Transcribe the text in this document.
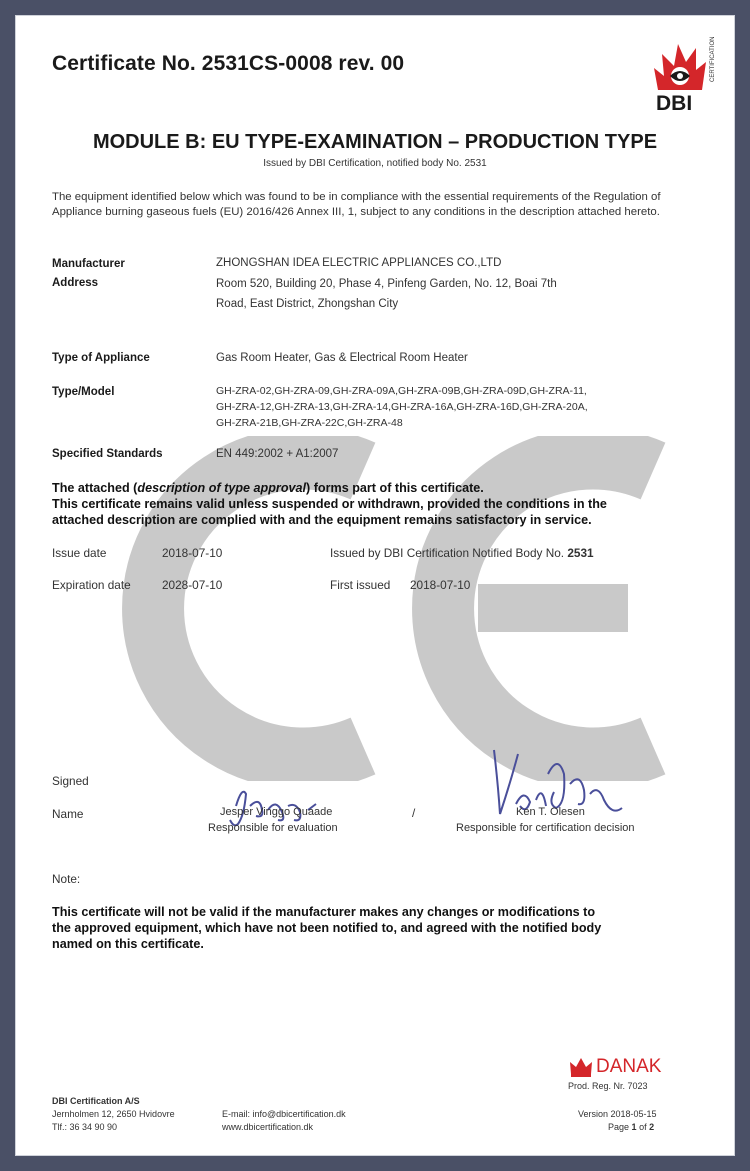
Certificate No. 2531CS-0008 rev. 00
DBI
CERTIFICATION
MODULE B: EU TYPE-EXAMINATION – PRODUCTION TYPE
Issued by DBI Certification, notified body No. 2531
The equipment identified below which was found to be in compliance with the essential requirements of the Regulation of Appliance burning gaseous fuels (EU) 2016/426 Annex III, 1, subject to any conditions in the description attached hereto.
Manufacturer	ZHONGSHAN IDEA ELECTRIC APPLIANCES CO.,LTD
Address	Room 520, Building 20, Phase 4, Pinfeng Garden, No. 12, Boai 7th
Road, East District, Zhongshan City
Type of Appliance	Gas Room Heater, Gas & Electrical Room Heater
Type/Model	GH-ZRA-02,GH-ZRA-09,GH-ZRA-09A,GH-ZRA-09B,GH-ZRA-09D,GH-ZRA-11,
GH-ZRA-12,GH-ZRA-13,GH-ZRA-14,GH-ZRA-16A,GH-ZRA-16D,GH-ZRA-20A,
GH-ZRA-21B,GH-ZRA-22C,GH-ZRA-48
Specified Standards	EN 449:2002 + A1:2007
The attached (description of type approval) forms part of this certificate.
This certificate remains valid unless suspended or withdrawn, provided the conditions in the
attached description are complied with and the equipment remains satisfactory in service.
Issue date	2018-07-10	Issued by DBI Certification Notified Body No. 2531
Expiration date	2028-07-10	First issued 2018-07-10
Signed
Name	Jesper Vinggo Quaade
Responsible for evaluation
/	Ken T. Olesen
Responsible for certification decision
Note:
This certificate will not be valid if the manufacturer makes any changes or modifications to
the approved equipment, which have not been notified to, and agreed with the notified body
named on this certificate.
DANAK
Prod. Reg. Nr. 7023
DBI Certification A/S
Jernholmen 12, 2650 Hvidovre
Tlf.: 36 34 90 90
E-mail: info@dbicertification.dk
www.dbicertification.dk
Version 2018-05-15
Page 1 of 2
